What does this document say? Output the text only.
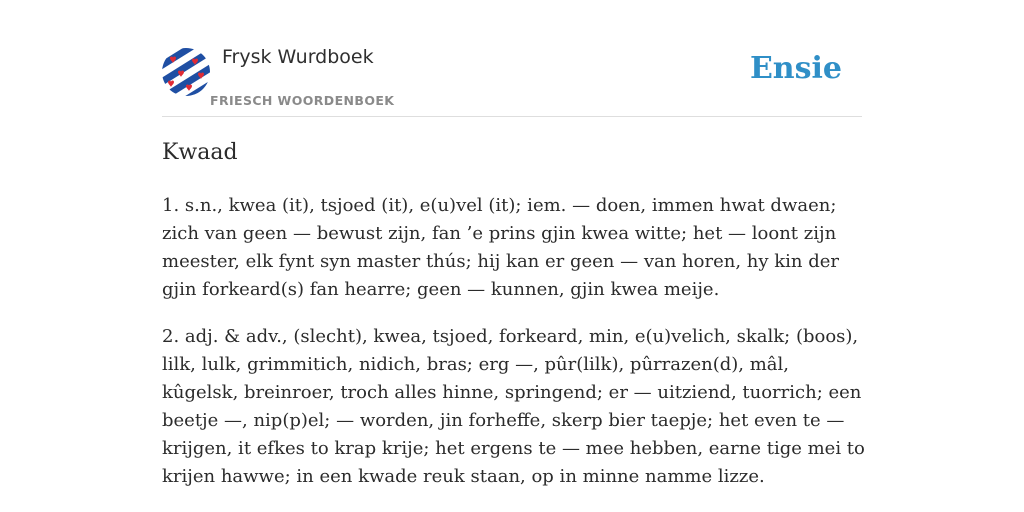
Frysk Wurdboek
FRIESCH WOORDENBOEK
Ensie
Kwaad

1. s.n., kwea (it), tsjoed (it), e(u)vel (it); iem. — doen, immen hwat dwaen; zich van geen — bewust zijn, fan ’e prins gjin kwea witte; het — loont zijn meester, elk fynt syn master thús; hij kan er geen — van horen, hy kin der gjin forkeard(s) fan hearre; geen — kunnen, gjin kwea meije.

2. adj. & adv., (slecht), kwea, tsjoed, forkeard, min, e(u)velich, skalk; (boos), lilk, lulk, grimmitich, nidich, bras; erg —, pûr(lilk), pûrrazen(d), mâl, kûgelsk, breinroer, troch alles hinne, springend; er — uitziend, tuorrich; een beetje —, nip(p)el; — worden, jin forheffe, skerp bier taepje; het even te — krijgen, it efkes to krap krije; het ergens te — mee hebben, earne tige mei to krijen hawwe; in een kwade reuk staan, op in minne namme lizze.
